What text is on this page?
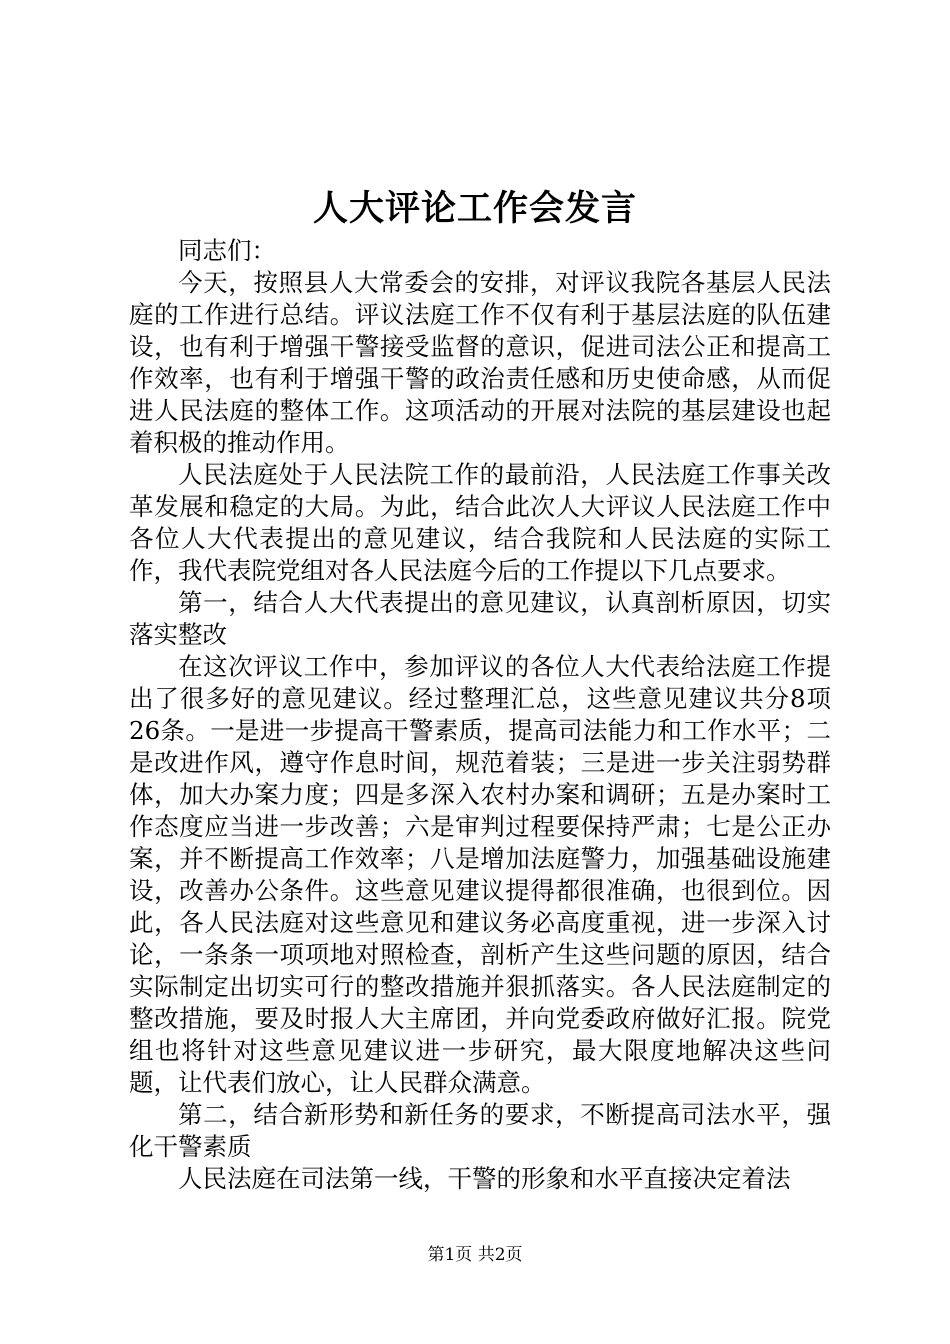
人大评论工作会发言

同志们：

今天，按照县人大常委会的安排，对评议我院各基层人民法庭的工作进行总结。评议法庭工作不仅有利于基层法庭的队伍建设，也有利于增强干警接受监督的意识，促进司法公正和提高工作效率，也有利于增强干警的政治责任感和历史使命感，从而促进人民法庭的整体工作。这项活动的开展对法院的基层建设也起着积极的推动作用。

人民法庭处于人民法院工作的最前沿，人民法庭工作事关改革发展和稳定的大局。为此，结合此次人大评议人民法庭工作中各位人大代表提出的意见建议，结合我院和人民法庭的实际工作，我代表院党组对各人民法庭今后的工作提以下几点要求。

第一，结合人大代表提出的意见建议，认真剖析原因，切实落实整改

在这次评议工作中，参加评议的各位人大代表给法庭工作提出了很多好的意见建议。经过整理汇总，这些意见建议共分8项26条。一是进一步提高干警素质，提高司法能力和工作水平；二是改进作风，遵守作息时间，规范着装；三是进一步关注弱势群体，加大办案力度；四是多深入农村办案和调研；五是办案时工作态度应当进一步改善；六是审判过程要保持严肃；七是公正办案，并不断提高工作效率；八是增加法庭警力，加强基础设施建设，改善办公条件。这些意见建议提得都很准确，也很到位。因此，各人民法庭对这些意见和建议务必高度重视，进一步深入讨论，一条条一项项地对照检查，剖析产生这些问题的原因，结合实际制定出切实可行的整改措施并狠抓落实。各人民法庭制定的整改措施，要及时报人大主席团，并向党委政府做好汇报。院党组也将针对这些意见建议进一步研究，最大限度地解决这些问题，让代表们放心，让人民群众满意。

第二，结合新形势和新任务的要求，不断提高司法水平，强化干警素质

人民法庭在司法第一线，干警的形象和水平直接决定着法

第1页 共2页
